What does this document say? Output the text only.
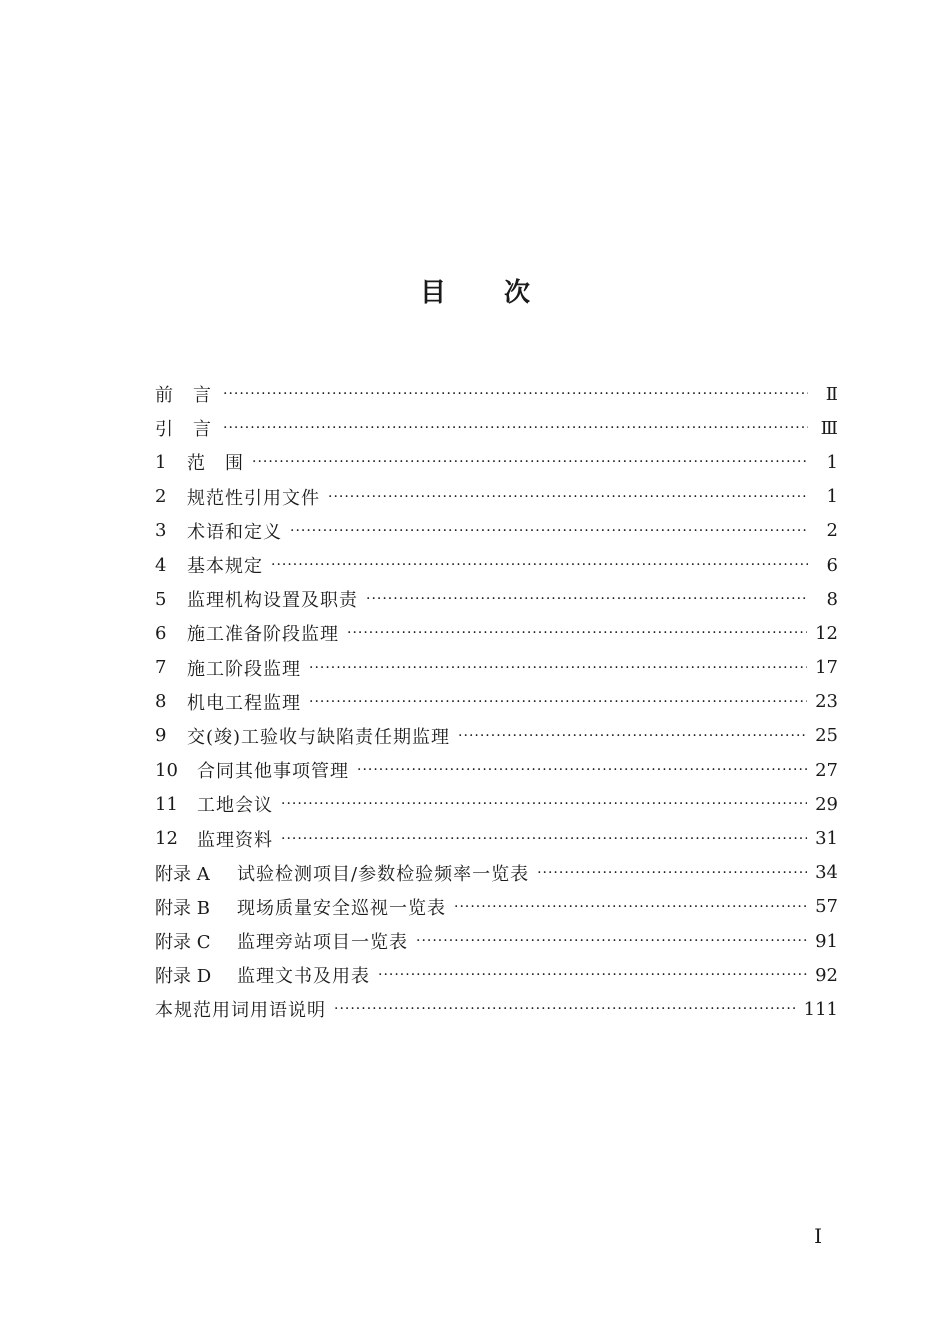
目 次
前　言 ·····	Ⅱ
引　言 ·····	Ⅲ
1	范　围 ·····	1
2	规范性引用文件 ·····	1
3	术语和定义 ·····	2
4	基本规定 ·····	6
5	监理机构设置及职责 ·····	8
6	施工准备阶段监理 ·····	12
7	施工阶段监理 ·····	17
8	机电工程监理 ·····	23
9	交(竣)工验收与缺陷责任期监理 ·····	25
10	合同其他事项管理 ·····	27
11	工地会议 ·····	29
12	监理资料 ·····	31
附录 A	试验检测项目/参数检验频率一览表 ·····	34
附录 B	现场质量安全巡视一览表 ·····	57
附录 C	监理旁站项目一览表 ·····	91
附录 D	监理文书及用表 ·····	92
本规范用词用语说明 ·····	111
I
